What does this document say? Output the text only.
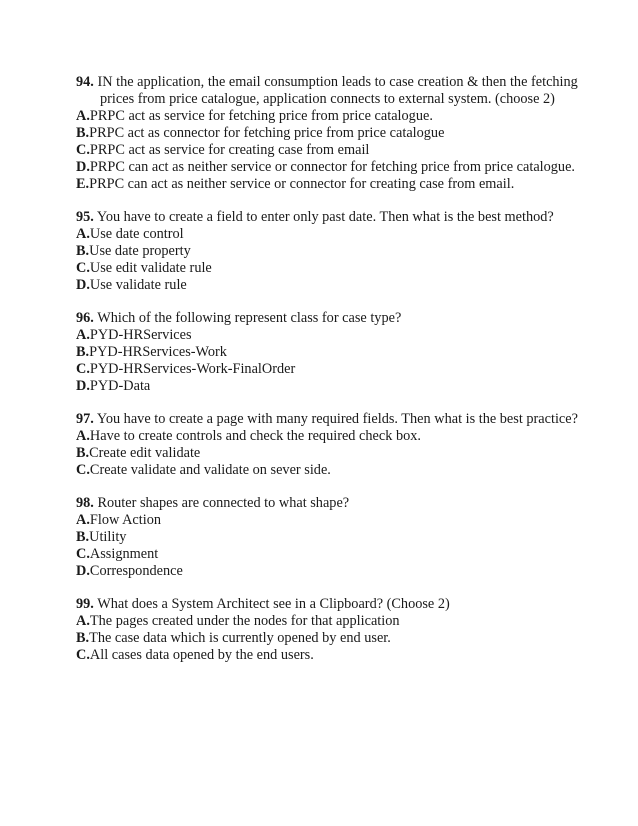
94. IN the application, the email consumption leads to case creation & then the fetching prices from price catalogue, application connects to external system. (choose 2)
A.PRPC act as service for fetching price from price catalogue.
B.PRPC act as connector for fetching price from price catalogue
C.PRPC act as service for creating case from email
D.PRPC can act as neither service or connector for fetching price from price catalogue.
E.PRPC can act as neither service or connector for creating case from email.
95. You have to create a field to enter only past date. Then what is the best method?
A.Use date control
B.Use date property
C.Use edit validate rule
D.Use validate rule
96. Which of the following represent class for case type?
A.PYD-HRServices
B.PYD-HRServices-Work
C.PYD-HRServices-Work-FinalOrder
D.PYD-Data
97. You have to create a page with many required fields. Then what is the best practice?
A.Have to create controls and check the required check box.
B.Create edit validate
C.Create validate and validate on sever side.
98. Router shapes are connected to what shape?
A.Flow Action
B.Utility
C.Assignment
D.Correspondence
99. What does a System Architect see in a Clipboard? (Choose 2)
A.The pages created under the nodes for that application
B.The case data which is currently opened by end user.
C.All cases data opened by the end users.
